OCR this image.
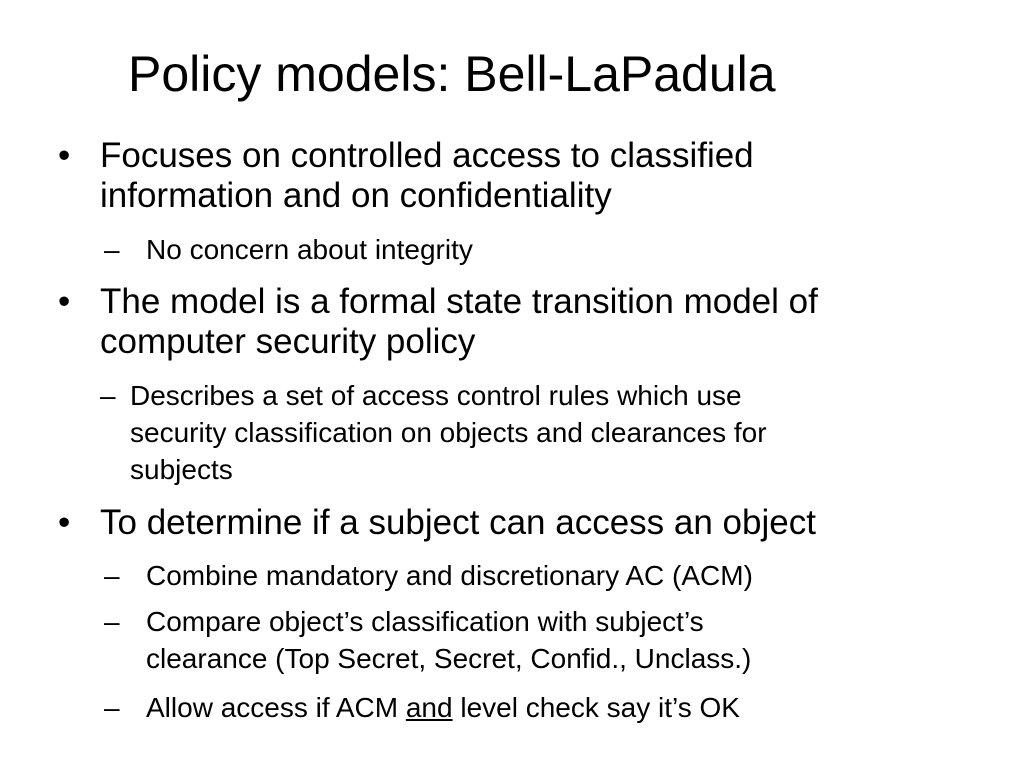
Policy models: Bell-LaPadula
• Focuses on controlled access to classified
information and on confidentiality
– No concern about integrity
• The model is a formal state transition model of
computer security policy
– Describes a set of access control rules which use
security classification on objects and clearances for
subjects
• To determine if a subject can access an object
– Combine mandatory and discretionary AC (ACM)
– Compare object’s classification with subject’s
clearance (Top Secret, Secret, Confid., Unclass.)
– Allow access if ACM and level check say it’s OK
